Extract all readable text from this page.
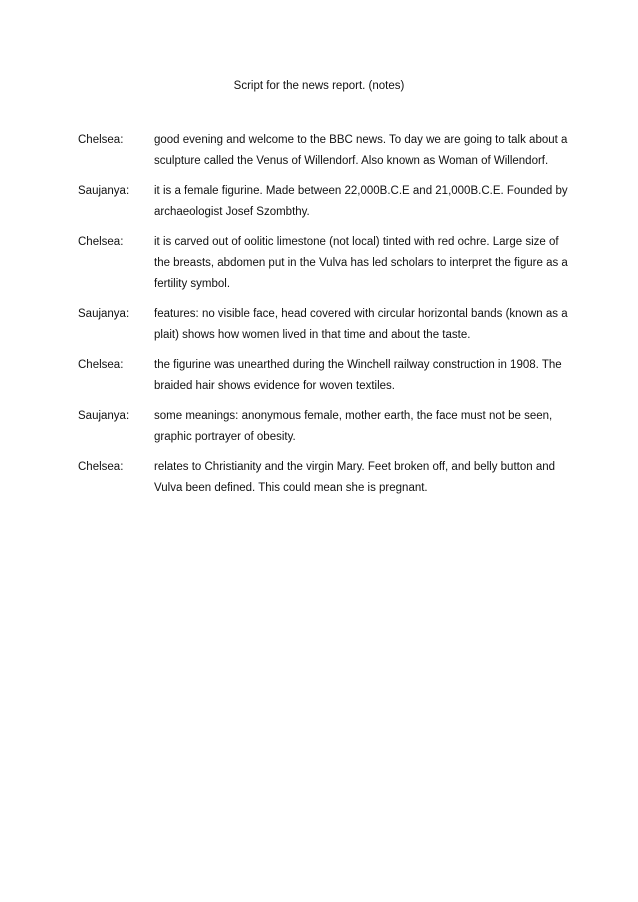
Script for the news report. (notes)
Chelsea:	good evening and welcome to the BBC news. To day we are going to talk about a sculpture called the Venus of Willendorf. Also known as Woman of Willendorf.
Saujanya:	it is a female figurine. Made between 22,000B.C.E and 21,000B.C.E. Founded by archaeologist Josef Szombthy.
Chelsea:	it is carved out of oolitic limestone (not local) tinted with red ochre. Large size of the breasts, abdomen put in the Vulva has led scholars to interpret the figure as a fertility symbol.
Saujanya:	features: no visible face, head covered with circular horizontal bands (known as a plait) shows how women lived in that time and about the taste.
Chelsea:	the figurine was unearthed during the Winchell railway construction in 1908. The braided hair shows evidence for woven textiles.
Saujanya:	some meanings: anonymous female, mother earth, the face must not be seen, graphic portrayer of obesity.
Chelsea:	relates to Christianity and the virgin Mary. Feet broken off, and belly button and Vulva been defined. This could mean she is pregnant.
